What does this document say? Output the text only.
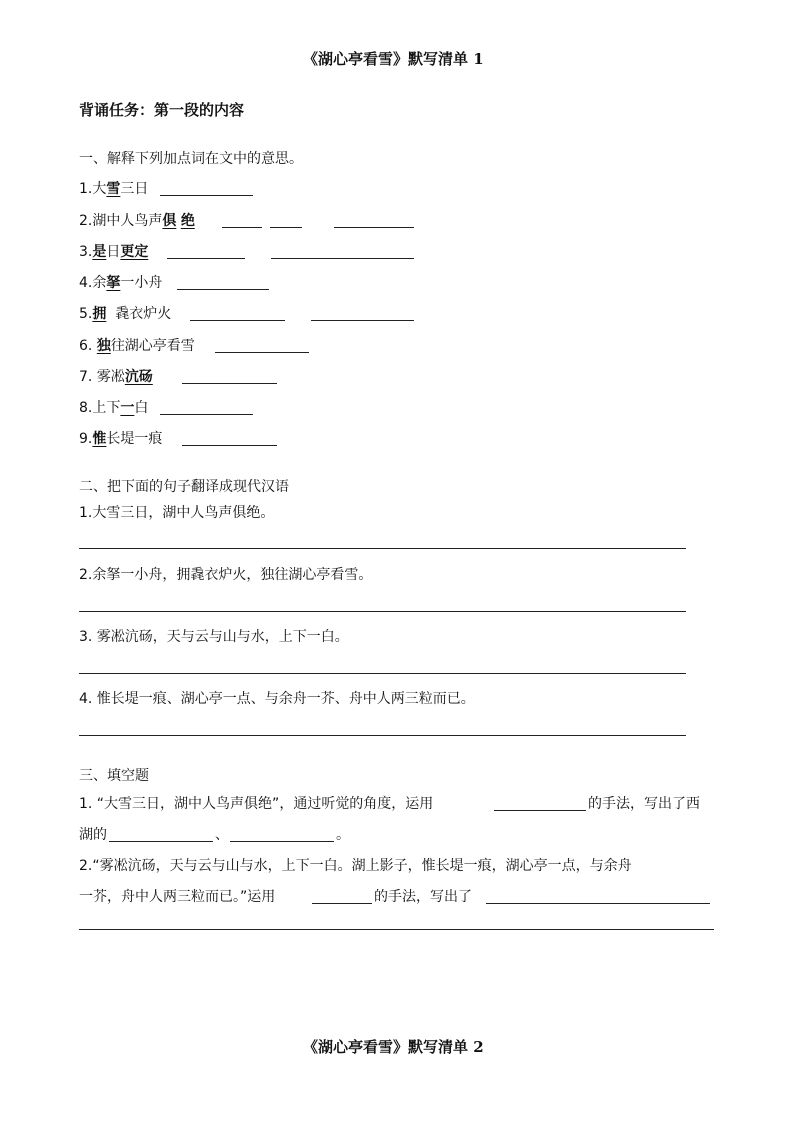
《湖心亭看雪》默写清单 1
背诵任务：第一段的内容
一、解释下列加点词在文中的意思。
1.大雪三日
2.湖中人鸟声俱 绝
3.是日更定
4.余拏一小舟
5.拥 毳衣炉火
6. 独往湖心亭看雪
7. 雾凇沆砀
8.上下一白
9.惟长堤一痕
二、把下面的句子翻译成现代汉语
1.大雪三日，湖中人鸟声俱绝。
2.余拏一小舟，拥毳衣炉火，独往湖心亭看雪。
3. 雾凇沆砀，天与云与山与水，上下一白。
4. 惟长堤一痕、湖心亭一点、与余舟一芥、舟中人两三粒而已。
三、填空题
1. “大雪三日，湖中人鸟声俱绝”，通过听觉的角度，运用	的手法，写出了西
湖的	、	。
2.“雾凇沆砀，天与云与山与水，上下一白。湖上影子，惟长堤一痕，湖心亭一点，与余舟
一芥，舟中人两三粒而已。”运用	的手法，写出了
《湖心亭看雪》默写清单 2
